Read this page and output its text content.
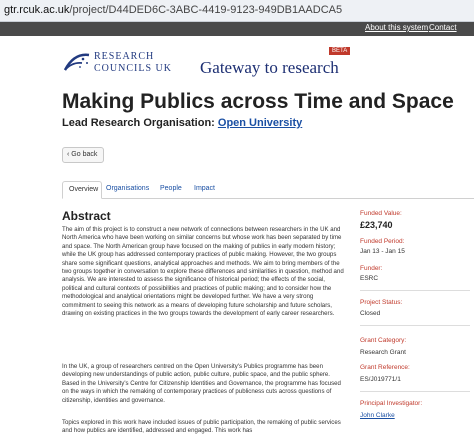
gtr.rcuk.ac.uk/project/D44DED6C-3ABC-4419-9123-949DB1AADCA5
About this system Contact
RESEARCH
COUNCILS UK Gateway to research
BETA
Making Publics across Time and Space
Lead Research Organisation: Open University
‹ Go back
Overview	Organisations People Impact
Abstract
The aim of this project is to construct a new network of connections between researchers in the UK and North America who have been working on similar concerns but whose work has been separated by time and space. The North American group have focused on the making of publics in early modern history; while the UK group has addressed contemporary practices of public making. However, the two groups share some significant questions, analytical approaches and methods. We aim to bring members of the two groups together in conversation to explore these differences and similarities in question, method and analysis. We are interested to assess the significance of historical period; the effects of the social, political and cultural contexts of possibilities and practices of public making; and to consider how the methodological and analytical orientations might be developed further. We have a very strong commitment to seeing this network as a means of developing future scholarship and future scholars, drawing on existing practices in the two groups towards the development of early career researchers.
In the UK, a group of researchers centred on the Open University's Publics programme has been developing new understandings of public action, public culture, public space, and the public sphere. Based in the University's Centre for Citizenship Identities and Governance, the programme has focused on the ways in which the remaking of contemporary practices of publicness cuts across questions of citizenship, identities and governance.
Topics explored in this work have included issues of public participation, the remaking of public services and how publics are identified, addressed and engaged. This work has
Funded Value:
£23,740
Funded Period:
Jan 13 - Jan 15
Funder:
ESRC
Project Status:
Closed
Grant Category:
Research Grant
Grant Reference:
ES/J019771/1
Principal Investigator:
John Clarke
